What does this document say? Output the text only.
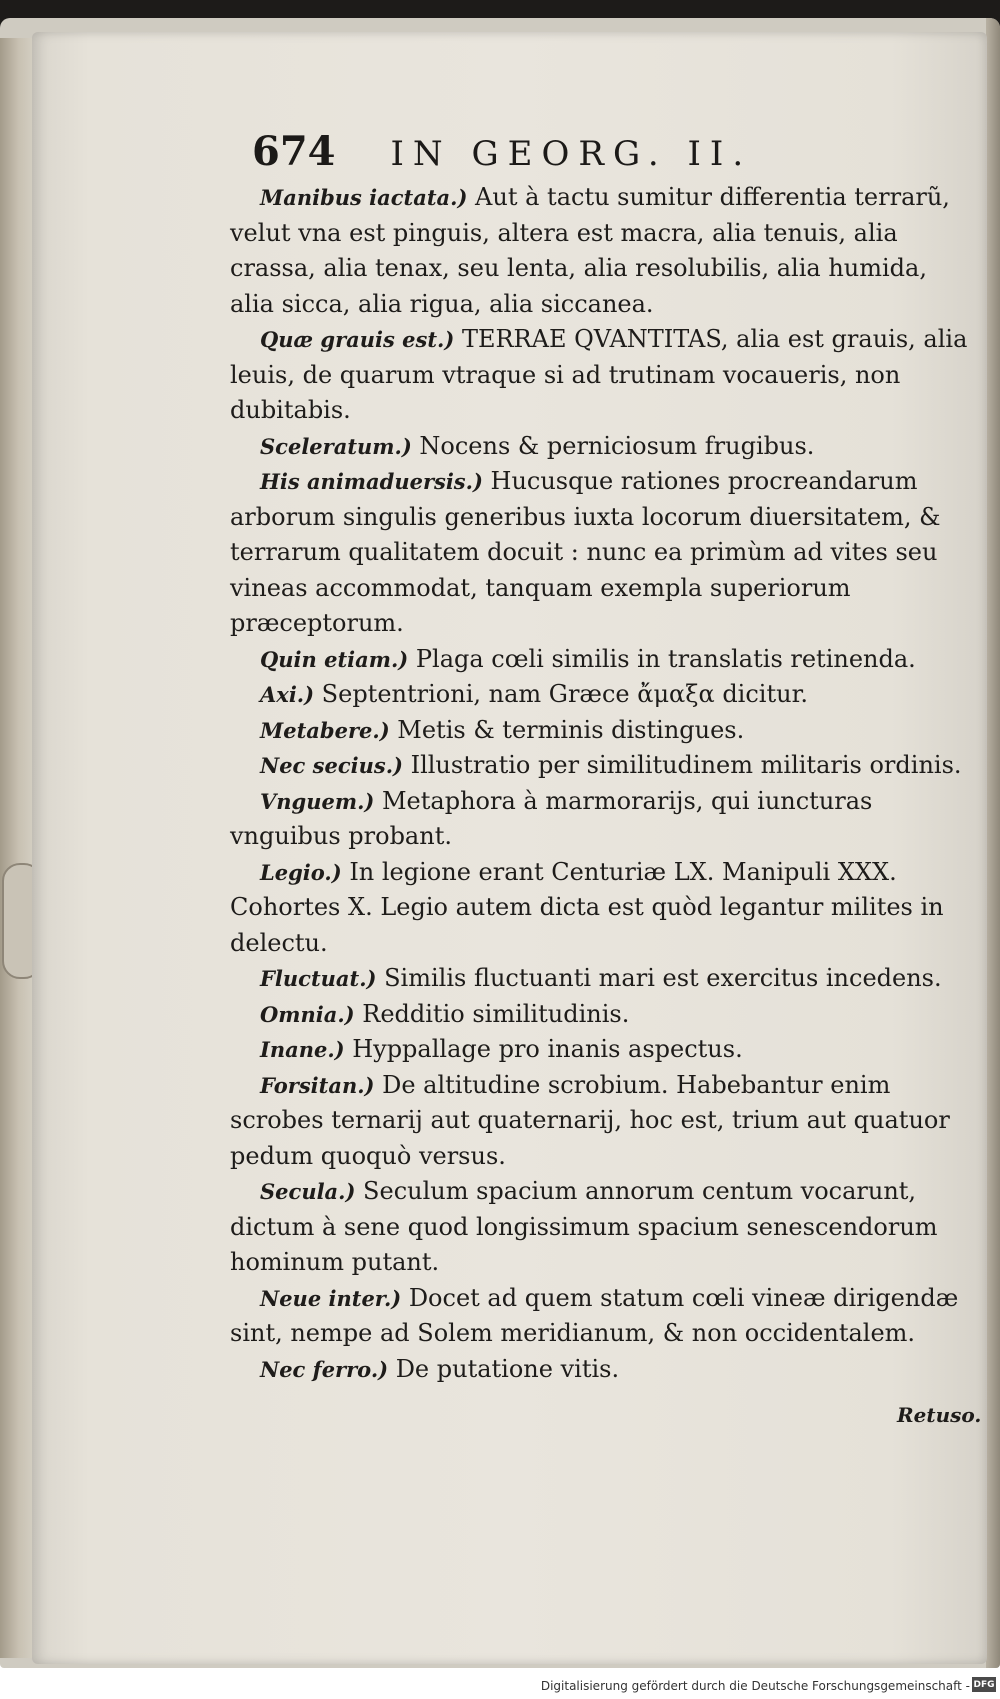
674 IN GEORG. II.

Manibus iactata.) Aut à tactu sumitur differentia terrarũ, velut vna est pinguis, altera est macra, alia tenuis, alia crassa, alia tenax, seu lenta, alia resolubilis, alia humida, alia sicca, alia rigua, alia siccanea.

Quæ grauis est.) TERRAE QVANTITAS, alia est grauis, alia leuis, de quarum vtraque si ad trutinam vocaueris, non dubitabis.

Sceleratum.) Nocens & perniciosum frugibus.

His animaduersis.) Hucusque rationes procreandarum arborum singulis generibus iuxta locorum diuersitatem, & terrarum qualitatem docuit : nunc ea primùm ad vites seu vineas accommodat, tanquam exempla superiorum præceptorum.

Quin etiam.) Plaga cœli similis in translatis retinenda.

Axi.) Septentrioni, nam Græce ἄμαξα dicitur.

Metabere.) Metis & terminis distingues.

Nec secius.) Illustratio per similitudinem militaris ordinis.

Vnguem.) Metaphora à marmorarijs, qui iuncturas vnguibus probant.

Legio.) In legione erant Centuriæ LX. Manipuli XXX. Cohortes X. Legio autem dicta est quòd legantur milites in delectu.

Fluctuat.) Similis fluctuanti mari est exercitus incedens.

Omnia.) Redditio similitudinis.

Inane.) Hyppallage pro inanis aspectus.

Forsitan.) De altitudine scrobium. Habebantur enim scrobes ternarij aut quaternarij, hoc est, trium aut quatuor pedum quoquò versus.

Secula.) Seculum spacium annorum centum vocarunt, dictum à sene quod longissimum spacium senescendorum hominum putant.

Neue inter.) Docet ad quem statum cœli vineæ dirigendæ sint, nempe ad Solem meridianum, & non occidentalem.

Nec ferro.) De putatione vitis.

Retuso.
Digitalisierung gefördert durch die Deutsche Forschungsgemeinschaft - DFG
